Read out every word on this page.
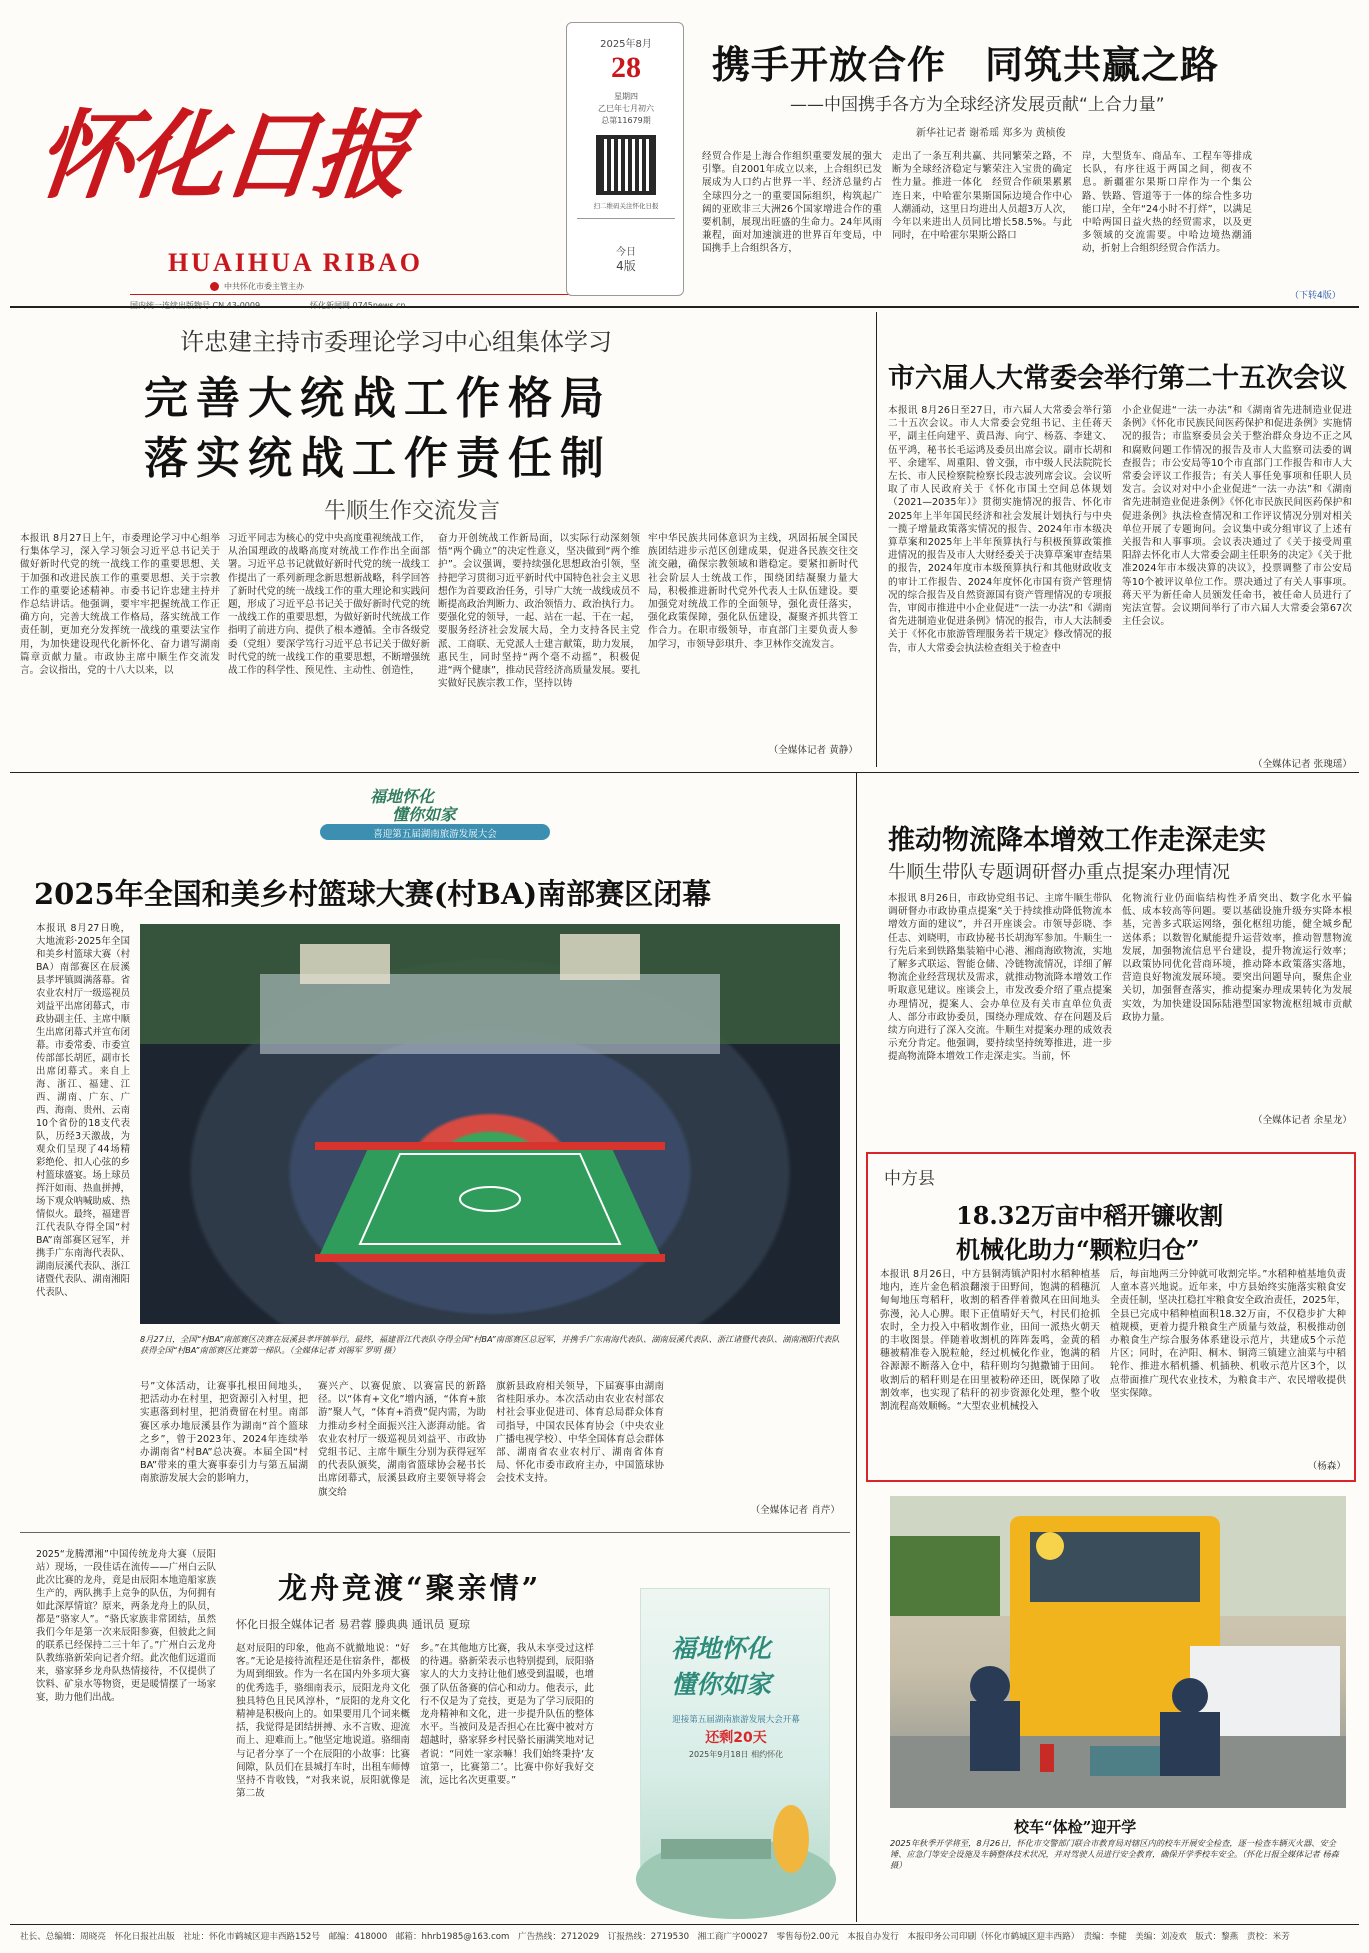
怀化日报
HUAIHUA RIBAO
中共怀化市委主管主办
2025年8月
28
星期四
乙巳年七月初六
总第11679期
扫二维码关注怀化日报
今日
4版
携手开放合作　同筑共赢之路
——中国携手各方为全球经济发展贡献“上合力量”
新华社记者 谢希瑶 郑多为 黄桢俊
经贸合作是上海合作组织重要发展的强大引擎。自2001年成立以来，上合组织已发展成为人口约占世界一半、经济总量约占全球四分之一的重要国际组织，构筑起广阔的亚欧非三大洲26个国家增进合作的重要机制，展现出旺盛的生命力。24年风雨兼程，面对加速演进的世界百年变局，中国携手上合组织各方，
走出了一条互利共赢、共同繁荣之路，不断为全球经济稳定与繁荣注入宝贵的确定性力量。推进一体化　经贸合作硕果累累　连日来，中哈霍尔果斯国际边境合作中心人潮涌动，这里日均进出人员超3万人次，今年以来进出人员同比增长58.5%。与此同时，在中哈霍尔果斯公路口
岸，大型货车、商品车、工程车等排成长队，有序往返于两国之间，彻夜不息。新疆霍尔果斯口岸作为一个集公路、铁路、管道等于一体的综合性多功能口岸，全年“24小时不打烊”，以满足中哈两国日益火热的经贸需求，以及更多领域的交流需要。中哈边境热潮涌动，折射上合组织经贸合作活力。
（下转4版）
许忠建主持市委理论学习中心组集体学习
完善大统战工作格局
落实统战工作责任制
牛顺生作交流发言
本报讯 8月27日上午，市委理论学习中心组举行集体学习，深入学习领会习近平总书记关于做好新时代党的统一战线工作的重要思想、关于加强和改进民族工作的重要思想、关于宗教工作的重要论述精神。市委书记许忠建主持并作总结讲话。他强调，要牢牢把握统战工作正确方向，完善大统战工作格局，落实统战工作责任制，更加充分发挥统一战线的重要法宝作用，为加快建设现代化新怀化、奋力谱写湖南篇章贡献力量。市政协主席中顺生作交流发言。会议指出，党的十八大以来，以
习近平同志为核心的党中央高度重视统战工作，从治国理政的战略高度对统战工作作出全面部署。习近平总书记就做好新时代党的统一战线工作提出了一系列新理念新思想新战略，科学回答了新时代党的统一战线工作的重大理论和实践问题，形成了习近平总书记关于做好新时代党的统一战线工作的重要思想，为做好新时代统战工作指明了前进方向、提供了根本遵循。全市各级党委（党组）要深学笃行习近平总书记关于做好新时代党的统一战线工作的重要思想，不断增强统战工作的科学性、预见性、主动性、创造性，
奋力开创统战工作新局面，以实际行动深刻领悟“两个确立”的决定性意义，坚决做到“两个维护”。会议强调，要持续强化思想政治引领，坚持把学习贯彻习近平新时代中国特色社会主义思想作为首要政治任务，引导广大统一战线成员不断提高政治判断力、政治领悟力、政治执行力。要强化党的领导，一起、站在一起、干在一起，要服务经济社会发展大局，全力支持各民主党派、工商联、无党派人士建言献策，助力发展，惠民生，同时坚持“两个毫不动摇”，积极促进“两个健康”，推动民营经济高质量发展。要扎实做好民族宗教工作，坚持以铸
牢中华民族共同体意识为主线，巩固拓展全国民族团结进步示范区创建成果，促进各民族交往交流交融，确保宗教领域和谐稳定。要紧扣新时代社会阶层人士统战工作，围绕团结凝聚力量大局，积极推进新时代党外代表人士队伍建设。要加强党对统战工作的全面领导，强化责任落实，强化政策保障，强化队伍建设，凝聚齐抓共管工作合力。在职市级领导，市直部门主要负责人参加学习，市领导彭琪升、李卫林作交流发言。
（全媒体记者 黄静）
市六届人大常委会举行第二十五次会议
本报讯 8月26日至27日，市六届人大常委会举行第二十五次会议。市人大常委会党组书记、主任蒋天平，副主任向建平、黄昌海、向宁、杨荔、李建文、伍平鸿，秘书长毛运鸿及委员出席会议。副市长胡和平、余建军、周重阳、曾文强，市中级人民法院院长左长、市人民检察院检察长段志波列席会议。会议听取了市人民政府关于《怀化市国土空间总体规划（2021—2035年）》贯彻实施情况的报告、怀化市2025年上半年国民经济和社会发展计划执行与中央一揽子增量政策落实情况的报告、2024年市本级决算草案和2025年上半年预算执行与积极预算政策推进情况的报告及市人大财经委关于决算草案审查结果的报告，2024年度市本级预算执行和其他财政收支的审计工作报告、2024年度怀化市国有资产管理情况的综合报告及自然资源国有资产管理情况的专项报告，审阅市推进中小企业促进“一法一办法”和《湖南省先进制造业促进条例》情况的报告，市人大法制委关于《怀化市旅游管理服务若干规定》修改情况的报告，市人大常委会执法检查组关于检查中
小企业促进“一法一办法”和《湖南省先进制造业促进条例》《怀化市民族民间医药保护和促进条例》实施情况的报告；市监察委员会关于整治群众身边不正之风和腐败问题工作情况的报告及市人大监察司法委的调查报告；市公安局等10个市直部门工作报告和市人大常委会评议工作报告；有关人事任免事项和任职人员发言。会议对对中小企业促进“一法一办法”和《湖南省先进制造业促进条例》《怀化市民族民间医药保护和促进条例》执法检查情况和工作评议情况分别对相关单位开展了专题询问。会议集中或分组审议了上述有关报告和人事事项。会议表决通过了《关于接受周重阳辞去怀化市人大常委会副主任职务的决定》《关于批准2024年市本级决算的决议》，投票调整了市公安局等10个被评议单位工作。票决通过了有关人事事项。蒋天平为新任命人员颁发任命书，被任命人员进行了宪法宣誓。会议期间举行了市六届人大常委会第67次主任会议。
（全媒体记者 张瑰瑶）
福地怀化
懂你如家
喜迎第五届湖南旅游发展大会
2025年全国和美乡村篮球大赛(村BA)南部赛区闭幕
本报讯 8月27日晚，大地流彩·2025年全国和美乡村篮球大赛（村BA）南部赛区在辰溪县孝坪镇圆满落幕。省农业农村厅一级巡视员刘益平出席闭幕式，市政协副主任、主席中顺生出席闭幕式并宣布闭幕。市委常委、市委宣传部部长胡匠，副市长出席闭幕式。来自上海、浙江、福建、江西、湖南、广东、广西、海南、贵州、云南10个省份的18支代表队，历经3天激战，为观众们呈现了44场精彩绝伦、扣人心弦的乡村篮球盛宴。场上球员挥汗如雨、热血拼搏，场下观众呐喊助威、热情似火。最终，福建晋江代表队夺得全国“村BA”南部赛区冠军，并携手广东南海代表队、湖南辰溪代表队、浙江诸暨代表队、湖南湘阳代表队、
8月27日，全国“村BA”南部赛区决赛在辰溪县孝坪镇举行。最终，福建晋江代表队夺得全国“村BA”南部赛区总冠军，并携手广东南海代表队、湖南辰溪代表队、浙江诸暨代表队、湖南湘阳代表队获得全国“村BA”南部赛区比赛第一梯队。（全媒体记者 刘锡军 罗明 摄）
号”文体活动，让赛事扎根田间地头，把活动办在村里，把资源引入村里，把实惠落到村里，把消费留在村里。南部赛区承办地辰溪县作为湖南“首个篮球之乡”，曾于2023年、2024年连续举办湖南省“村BA”总决赛。本届全国“村BA”带来的重大赛事泰引力与第五届湖南旅游发展大会的影响力，
赛兴产、以赛促旅、以赛富民的新路径。以“体育+文化”增内涵，“体育+旅游”聚人气，“体育+消费”促内需，为助力推动乡村全面振兴注入澎湃动能。省农业农村厅一级巡视员刘益平、市政协党组书记、主席牛顺生分别为获得冠军的代表队颁奖，湖南省篮球协会秘书长出席闭幕式，辰溪县政府主要领导将会旗交给
旗新县政府相关领导，下届赛事由湖南省桂阳承办。本次活动由农业农村部农村社会事业促进司、体育总局群众体育司指导，中国农民体育协会（中央农业广播电视学校）、中华全国体育总会群体部、湖南省农业农村厅、湖南省体育局、怀化市委市政府主办，中国篮球协会技术支持。
（全媒体记者 肖芹）
2025“龙腾潭湘”中国传统龙舟大赛（辰阳站）现场，一段佳话在流传——广州白云队此次比赛的龙舟，竟是由辰阳本地造船家族生产的，两队携手上竞争的队伍，为何拥有如此深厚情谊？原来，两条龙舟上的队员，都是“骆家人”。“骆氏家族非常团结，虽然我们今年是第一次来辰阳参赛，但彼此之间的联系已经保持二三十年了。”广州白云龙舟队教练骆新荣向记者介绍。此次他们远道而来，骆家驿乡龙舟队热情接待，不仅提供了饮料、矿泉水等物资，更是暖情摆了一场家宴，助力他们出战。
龙舟竞渡“聚亲情”
怀化日报全媒体记者 易君蓉 滕典典 通讯员 夏琼
赵对辰阳的印象，他高不就撤地说：“好客。”无论是接待流程还是住宿条件，都极为周到细致。作为一名在国内外多项大赛的优秀选手，骆细南表示，辰阳龙舟文化独具特色且民风淳朴，“辰阳的龙舟文化精神是积极向上的。如果要用几个词来概括，我觉得是团结拼搏、永不言败、迎流而上、迎难而上。”他坚定地说道。骆细南与记者分享了一个在辰阳的小故事：比赛间隙，队员们在县城打车时，出租车师傅坚持不肯收钱，“对我来说，辰阳就像是第二故
乡。”在其他地方比赛，我从未享受过这样的待遇。骆新荣表示也特别提到，辰阳骆家人的大力支持让他们感受到温暖，也增强了队伍备赛的信心和动力。他表示，此行不仅是为了竞技，更是为了学习辰阳的龙舟精神和文化，进一步提升队伍的整体水平。当被问及是否担心在比赛中被对方超越时，骆家驿乡村民骆长丽满笑地对记者说：“同姓一家亲嘛！我们始终秉持‘友谊第一，比赛第二’。比赛中你好我好交流，远比名次更重要。”
福地怀化
懂你如家
迎接第五届湖南旅游发展大会开幕
还剩20天
2025年9月18日 相约怀化
推动物流降本增效工作走深走实
牛顺生带队专题调研督办重点提案办理情况
本报讯 8月26日，市政协党组书记、主席牛顺生带队调研督办市政协重点提案“关于持续推动降低物流本增效方面的建议”，并召开座谈会。市领导彭晓、李任志、刘晓明，市政协秘书长胡海军参加。牛顺生一行先后来到铁路集装箱中心港、湘商海欧物流，实地了解多式联运、智能仓储、冷链物流情况，详细了解物流企业经营现状及需求，就推动物流降本增效工作听取意见建议。座谈会上，市发改委介绍了重点提案办理情况，提案人、会办单位及有关市直单位负责人、部分市政协委员，围绕办理成效、存在问题及后续方向进行了深入交流。牛顺生对提案办理的成效表示充分肯定。他强调，要持续坚持统筹推进，进一步提高物流降本增效工作走深走实。当前，怀
化物流行业仍面临结构性矛盾突出、数字化水平偏低、成本较高等问题。要以基础设施升级夯实降本根基，完善多式联运网络，强化枢纽功能，健全城乡配送体系；以数智化赋能提升运营效率，推动智慧物流发展，加强物流信息平台建设，提升物流运行效率；以政策协同优化营商环境，推动降本政策落实落地，营造良好物流发展环境。要突出问题导向，聚焦企业关切，加强督查落实，推动提案办理成果转化为发展实效，为加快建设国际陆港型国家物流枢纽城市贡献政协力量。
（全媒体记者 余星龙）
中方县
18.32万亩中稻开镰收割
机械化助力“颗粒归仓”
本报讯 8月26日，中方县铜湾镇泸阳村水稻种植基地内，连片金色稻浪翻滚于田野间，饱满的稻穗沉甸甸地压弯稻秆，收割的稻香伴着微风在田间地头弥漫，沁人心脾。眼下正值晴好天气，村民们抢抓农时，全力投入中稻收割作业，田间一派热火朝天的丰收图景。伴随着收割机的阵阵轰鸣，金黄的稻穗被精准卷入脱粒舱，经过机械化作业，饱满的稻谷源源不断落入仓中，秸秆则均匀抛撒铺于田间。收割后的稻秆则是在田里被粉碎还田，既保障了收割效率，也实现了秸秆的初步资源化处理，整个收割流程高效顺畅。“大型农业机械投入
后，每亩地两三分钟就可收割完毕。”水稻种植基地负责人童本喜兴地说。近年来，中方县始终实施落实粮食安全责任制，坚决扛稳扛牢粮食安全政治责任，2025年，全县已完成中稻种植面积18.32万亩，不仅稳步扩大种植规模，更着力提升粮食生产质量与效益，积极推动创办粮食生产综合服务体系建设示范片，共建成5个示范片区；同时，在泸阳、桐木、铜湾三镇建立油菜与中稻轮作、推进水稻机播、机插秧、机收示范片区3个，以点带面推广现代农业技术，为粮食丰产、农民增收提供坚实保障。
（杨森）
校车“体检”迎开学
2025年秋季开学将至，8月26日，怀化市交警部门联合市教育局对辖区内的校车开展安全检查，逐一检查车辆灭火器、安全锤、应急门等安全设施及车辆整体技术状况，并对驾驶人员进行安全教育，确保开学季校车安全。（怀化日报全媒体记者 杨森 摄）
社长、总编辑：周晓亮　怀化日报社出版　社址：怀化市鹤城区迎丰西路152号　邮编：418000　邮箱：hhrb1985@163.com　广告热线：2712029　订报热线：2719530　湘工商广字00027　零售每份2.00元　本报自办发行　本报印务公司印刷（怀化市鹤城区迎丰西路）　责编：李健　美编：刘凌欢　版式：黎燕　责校：米芳
